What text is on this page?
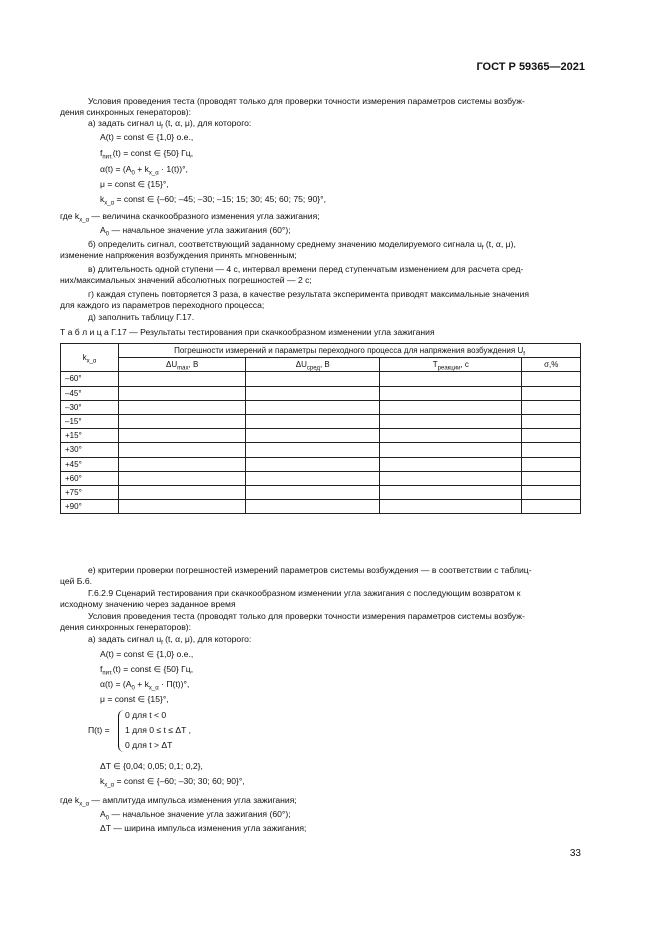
ГОСТ Р 59365—2021
Условия проведения теста (проводят только для проверки точности измерения параметров системы возбуж-
дения синхронных генераторов):
а) задать сигнал $u_f$ (t, α, μ), для которого:
A(t) = const ∈ {1,0} о.е.,
$f_{пит.}(t)$ = const ∈ {50} Гц,
$\alpha(t) = (A_0 + k_{x\_\alpha} \cdot 1(t))^\circ$,
μ = const ∈ {15}°,
$k_{x\_\alpha}$ = const ∈ {–60; –45; –30; –15; 15; 30; 45; 60; 75; 90}°,
где $k_{x\_\alpha}$ — величина скачкообразного изменения угла зажигания;
$A_0$ — начальное значение угла зажигания (60°);
б) определить сигнал, соответствующий заданному среднему значению моделируемого сигнала $u_f$ (t, α, μ),
изменение напряжения возбуждения принять мгновенным;
в) длительность одной ступени — 4 с, интервал времени перед ступенчатым изменением для расчета сред-
них/максимальных значений абсолютных погрешностей — 2 с;
г) каждая ступень повторяется 3 раза, в качестве результата эксперимента приводят максимальные значения
для каждого из параметров переходного процесса;
д) заполнить таблицу Г.17.
Т а б л и ц а Г.17 — Результаты тестирования при скачкообразном изменении угла зажигания
$k_{x\_\alpha}$	Погрешности измерений и параметры переходного процесса для напряжения возбуждения $U_f$
	$\Delta U_{max}$, В	$\Delta U_{сред}$, В	$T_{реакции}$, с	σ,%
–60°				
–45°				
–30°				
–15°				
+15°				
+30°				
+45°				
+60°				
+75°				
+90°				
е) критерии проверки погрешностей измерений параметров системы возбуждения — в соответствии с таблиц-
цей Б.6.
Г.6.2.9 Сценарий тестирования при скачкообразном изменении угла зажигания с последующим возвратом к
исходному значению через заданное время
Условия проведения теста (проводят только для проверки точности измерения параметров системы возбуж-
дения синхронных генераторов):
а) задать сигнал $u_f$ (t, α, μ), для которого:
A(t) = const ∈ {1,0} о.е.,
$f_{пит.}(t)$ = const ∈ {50} Гц,
$\alpha(t) = (A_0 + k_{x\_\alpha} \cdot П(t))^\circ$,
μ = const ∈ {15}°,
П(t) =
0 для t < 0
1 для 0 ≤ t ≤ ΔT ,
0 для t > ΔT
ΔT ∈ {0,04; 0,05; 0,1; 0,2},
$k_{x\_\alpha}$ = const ∈ {–60; –30; 30; 60; 90}°,
где $k_{x\_\alpha}$ — амплитуда импульса изменения угла зажигания;
$A_0$ — начальное значение угла зажигания (60°);
ΔT — ширина импульса изменения угла зажигания;
33
